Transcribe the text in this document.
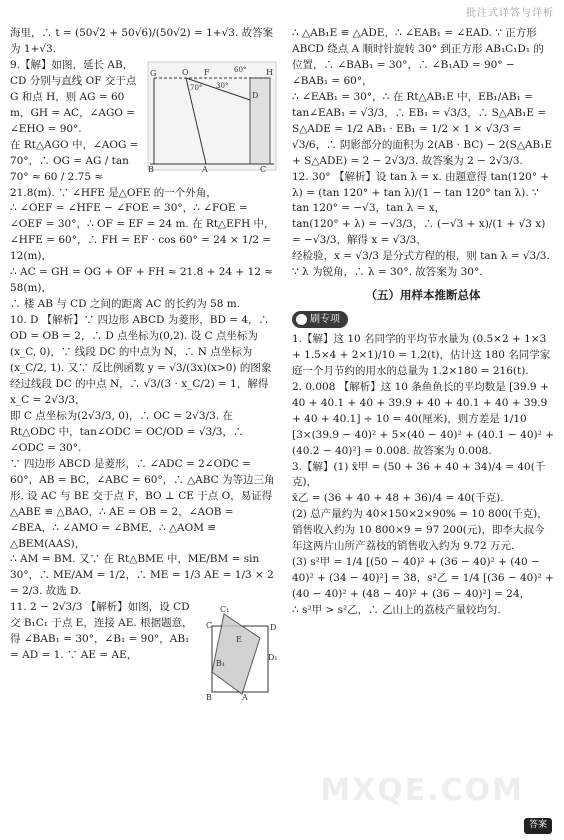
批注式详答与详析

海里，∴ t = (50√2 + 50√6)/(50√2) = 1+√3. 故答案为 1+√3.

G	H
D
O F
B	A	C
70° 30°
60°

9.【解】如图，延长 AB，CD 分别与直线 OF 交于点 G 和点 H，则 AG = 60 m，GH = AC，∠AGO = ∠EHO = 90°.

在 Rt△AGO 中，∠AOG = 70°，∴ OG = AG / tan 70° ≈ 60 / 2.75 ≈ 21.8(m). ∵ ∠HFE 是△OFE 的一个外角，

∴ ∠OEF = ∠HFE − ∠FOE = 30°，∴ ∠FOE = ∠OEF = 30°，∴ OF = EF = 24 m. 在 Rt△EFH 中，

∠HFE = 60°，∴ FH = EF · cos 60° = 24 × 1/2 = 12(m)，

∴ AC = GH = OG + OF + FH ≈ 21.8 + 24 + 12 ≈ 58(m)，

∴ 楼 AB 与 CD 之间的距离 AC 的长约为 58 m.

10. D 【解析】∵ 四边形 ABCD 为菱形，BD = 4，∴ OD = OB = 2，∴ D 点坐标为(0,2). 设 C 点坐标为(x_C, 0)，∵ 线段 DC 的中点为 N，∴ N 点坐标为(x_C/2, 1). 又∵ 反比例函数 y = √3/(3x)(x>0) 的图象经过线段 DC 的中点 N，∴ √3/(3 · x_C/2) = 1，解得 x_C = 2√3/3，

即 C 点坐标为(2√3/3, 0)，∴ OC = 2√3/3. 在 Rt△ODC 中，tan∠ODC = OC/OD = √3/3，∴ ∠ODC = 30°.

∵ 四边形 ABCD 是菱形，∴ ∠ADC = 2∠ODC = 60°，AB = BC，∠ABC = 60°，∴ △ABC 为等边三角形. 设 AC 与 BE 交于点 F，BO ⊥ CE 于点 O，易证得△ABE ≌ △BAO，∴ AE = OB = 2，∠AOB = ∠BEA，∴ ∠AMO = ∠BME，∴ △AOM ≌ △BEM(AAS)，

∴ AM = BM. 又∵ 在 Rt△BME 中，ME/BM = sin 30°，∴ ME/AM = 1/2，∴ ME = 1/3 AE = 1/3 × 2 = 2/3. 故选 D.

C₁
D
E
B₁
D₁
A
B
C

11. 2 − 2√3/3 【解析】如图，设 CD 交 B₁C₁ 于点 E，连接 AE. 根据题意，得 ∠BAB₁ = 30°，∠B₁ = 90°，AB₁ = AD = 1. ∵ AE = AE，

∴ △AB₁E ≌ △ADE，∴ ∠EAB₁ = ∠EAD. ∵ 正方形 ABCD 绕点 A 顺时针旋转 30° 到正方形 AB₁C₁D₁ 的位置，∴ ∠BAB₁ = 30°，∴ ∠B₁AD = 90° − ∠BAB₁ = 60°，

∴ ∠EAB₁ = 30°，∴ 在 Rt△AB₁E 中，EB₁/AB₁ = tan∠EAB₁ = √3/3，∴ EB₁ = √3/3，∴ S△AB₁E = S△ADE = 1/2 AB₁ · EB₁ = 1/2 × 1 × √3/3 = √3/6，∴ 阴影部分的面积为 2(AB · BC) − 2(S△AB₁E + S△ADE) = 2 − 2√3/3. 故答案为 2 − 2√3/3.

12. 30° 【解析】设 tan λ = x. 由题意得 tan(120° + λ) = (tan 120° + tan λ)/(1 − tan 120° tan λ). ∵ tan 120° = −√3，tan λ = x，

tan(120° + λ) = −√3/3，∴ (−√3 + x)/(1 + √3 x) = −√3/3，解得 x = √3/3，

经检验，x = √3/3 是分式方程的根，则 tan λ = √3/3. ∵ λ 为锐角，∴ λ = 30°. 故答案为 30°.

（五）用样本推断总体
刷专项

1.【解】这 10 名同学的平均节水量为 (0.5×2 + 1×3 + 1.5×4 + 2×1)/10 = 1.2(t)，估计这 180 名同学家庭一个月节约的用水的总量为 1.2×180 = 216(t).

2. 0.008 【解析】这 10 条鱼鱼长的平均数是 [39.9 + 40 + 40.1 + 40 + 39.9 + 40 + 40.1 + 40 + 39.9 + 40 + 40.1] ÷ 10 = 40(厘米)，则方差是 1/10 [3×(39.9 − 40)² + 5×(40 − 40)² + (40.1 − 40)² + (40.2 − 40)²] = 0.008. 故答案为 0.008.

3.【解】(1) x̄甲 = (50 + 36 + 40 + 34)/4 = 40(千克)，

x̄乙 = (36 + 40 + 48 + 36)/4 = 40(千克).

(2) 总产量约为 40×150×2×90% = 10 800(千克)，销售收入约为 10 800×9 = 97 200(元)，即李大叔今年这两片山所产荔枝的销售收入约为 9.72 万元.

(3) s²甲 = 1/4 [(50 − 40)² + (36 − 40)² + (40 − 40)² + (34 − 40)²] = 38，s²乙 = 1/4 [(36 − 40)² + (40 − 40)² + (48 − 40)² + (36 − 40)²] = 24，

∴ s²甲 > s²乙，∴ 乙山上的荔枝产量较均匀.

MXQE.COM
答案
